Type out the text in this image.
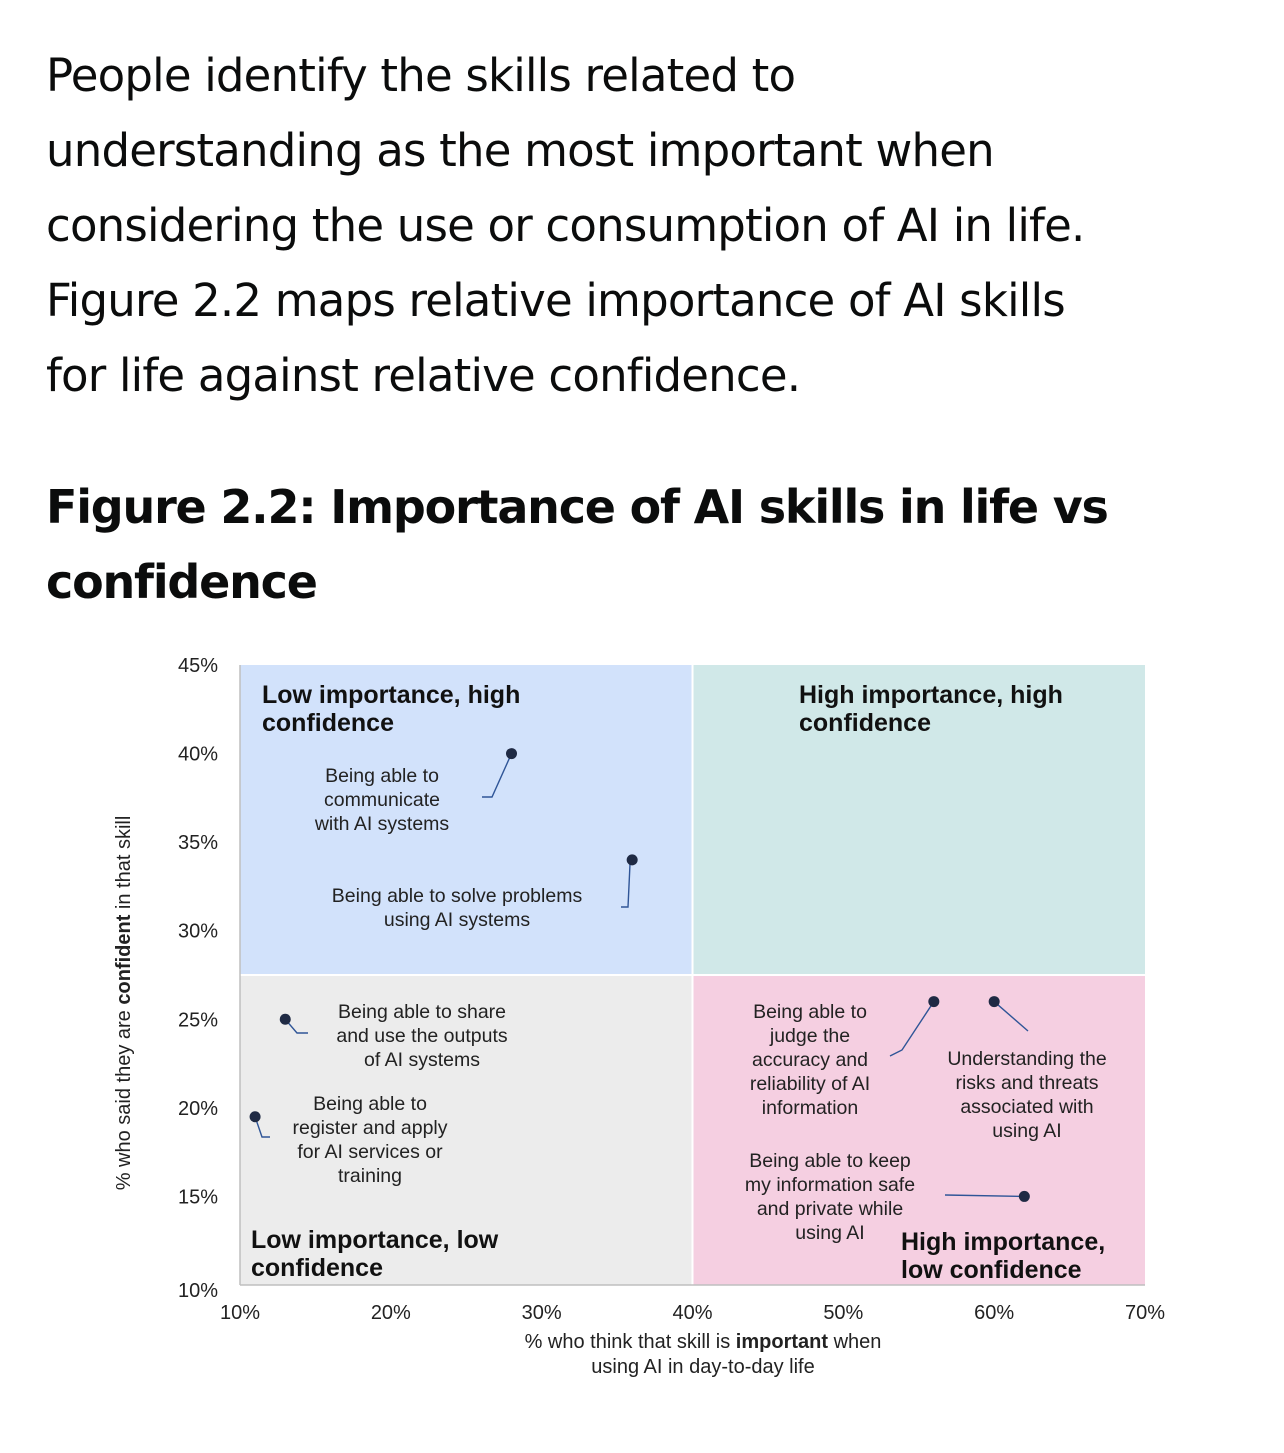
People identify the skills related to
understanding as the most important when
considering the use or consumption of AI in life.
Figure 2.2 maps relative importance of AI skills
for life against relative confidence.
Figure 2.2: Importance of AI skills in life vs confidence
10%
15%
20%
25%
30%
35%
40%
45%
10%	20%	30%	40%	50%	60%	70%
Low importance, high confidence
High importance, high confidence
Low importance, low confidence
High importance, low confidence
Being able to communicate with AI systems
Being able to solve problems using AI systems
Being able to share and use the outputs of AI systems
Being able to register and apply for AI services or training
Being able to judge the accuracy and reliability of AI information
Understanding the risks and threats associated with using AI
Being able to keep my information safe and private while using AI
% who think that skill is important when
using AI in day-to-day life
% who said they are confident in that skill
